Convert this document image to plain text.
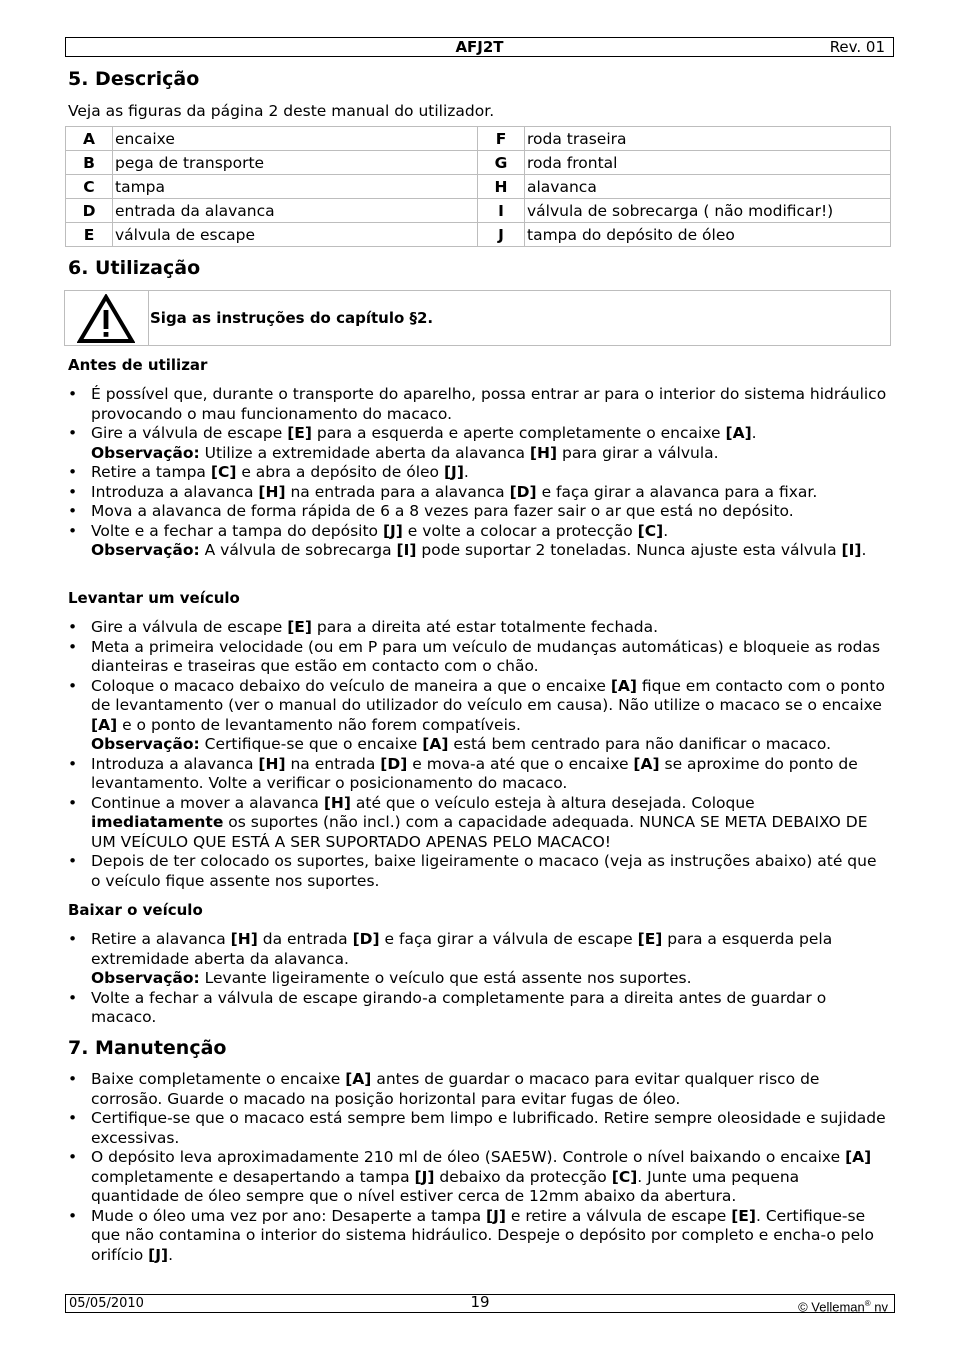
AFJ2T	Rev. 01
5. Descrição
Veja as figuras da página 2 deste manual do utilizador.
A	encaixe	F	roda traseira
B	pega de transporte	G	roda frontal
C	tampa	H	alavanca
D	entrada da alavanca	I	válvula de sobrecarga ( não modificar!)
E	válvula de escape	J	tampa do depósito de óleo
6. Utilização
Siga as instruções do capítulo §2.
Antes de utilizar
• É possível que, durante o transporte do aparelho, possa entrar ar para o interior do sistema hidráulico provocando o mau funcionamento do macaco.
• Gire a válvula de escape [E] para a esquerda e aperte completamente o encaixe [A].
Observação: Utilize a extremidade aberta da alavanca [H] para girar a válvula.
• Retire a tampa [C] e abra a depósito de óleo [J].
• Introduza a alavanca [H] na entrada para a alavanca [D] e faça girar a alavanca para a fixar.
• Mova a alavanca de forma rápida de 6 a 8 vezes para fazer sair o ar que está no depósito.
• Volte e a fechar a tampa do depósito [J] e volte a colocar a protecção [C].
Observação: A válvula de sobrecarga [I] pode suportar 2 toneladas. Nunca ajuste esta válvula [I].
Levantar um veículo
• Gire a válvula de escape [E] para a direita até estar totalmente fechada.
• Meta a primeira velocidade (ou em P para um veículo de mudanças automáticas) e bloqueie as rodas dianteiras e traseiras que estão em contacto com o chão.
• Coloque o macaco debaixo do veículo de maneira a que o encaixe [A] fique em contacto com o ponto de levantamento (ver o manual do utilizador do veículo em causa). Não utilize o macaco se o encaixe [A] e o ponto de levantamento não forem compatíveis.
Observação: Certifique-se que o encaixe [A] está bem centrado para não danificar o macaco.
• Introduza a alavanca [H] na entrada [D] e mova-a até que o encaixe [A] se aproxime do ponto de levantamento. Volte a verificar o posicionamento do macaco.
• Continue a mover a alavanca [H] até que o veículo esteja à altura desejada. Coloque imediatamente os suportes (não incl.) com a capacidade adequada. NUNCA SE META DEBAIXO DE UM VEÍCULO QUE ESTÁ A SER SUPORTADO APENAS PELO MACACO!
• Depois de ter colocado os suportes, baixe ligeiramente o macaco (veja as instruções abaixo) até que o veículo fique assente nos suportes.
Baixar o veículo
• Retire a alavanca [H] da entrada [D] e faça girar a válvula de escape [E] para a esquerda pela extremidade aberta da alavanca.
Observação: Levante ligeiramente o veículo que está assente nos suportes.
• Volte a fechar a válvula de escape girando-a completamente para a direita antes de guardar o macaco.
7. Manutenção
• Baixe completamente o encaixe [A] antes de guardar o macaco para evitar qualquer risco de corrosão. Guarde o macado na posição horizontal para evitar fugas de óleo.
• Certifique-se que o macaco está sempre bem limpo e lubrificado. Retire sempre oleosidade e sujidade excessivas.
• O depósito leva aproximadamente 210 ml de óleo (SAE5W). Controle o nível baixando o encaixe [A] completamente e desapertando a tampa [J] debaixo da protecção [C]. Junte uma pequena quantidade de óleo sempre que o nível estiver cerca de 12mm abaixo da abertura.
• Mude o óleo uma vez por ano: Desaperte a tampa [J] e retire a válvula de escape [E]. Certifique-se que não contamina o interior do sistema hidráulico. Despeje o depósito por completo e encha-o pelo orifício [J].
05/05/2010	19	© Velleman® nv
